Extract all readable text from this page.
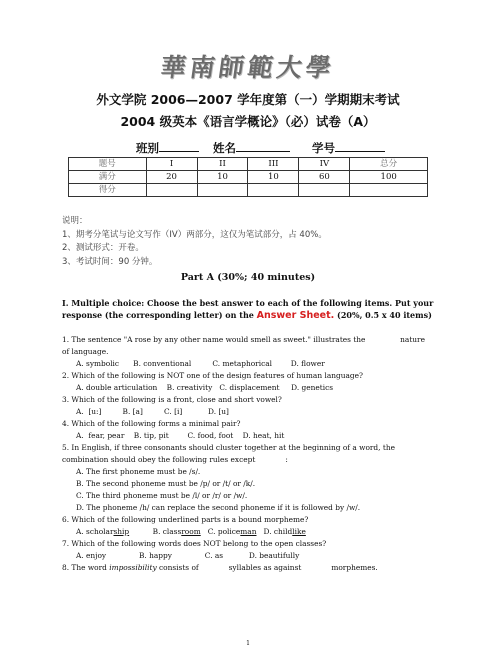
華南師範大學
外文学院 2006—2007 学年度第（一）学期期末考试
2004 级英本《语言学概论》（必）试卷（A）
班别	姓名	学号
题号	I	II	III	IV	总分
满分	20	10	10	60	100
得分					
说明：
1、期考分笔试与论文写作（IV）两部分，这仅为笔试部分，占 40%。
2、测试形式：开卷。
3、考试时间：90 分钟。
Part A (30%; 40 minutes)
I. Multiple choice: Choose the best answer to each of the following items. Put your response (the corresponding letter) on the Answer Sheet. (20%, 0.5 x 40 items)
1. The sentence "A rose by any other name would smell as sweet." illustrates the	nature of language.
A. symbolic      B. conventional         C. metaphorical        D. flower
2. Which of the following is NOT one of the design features of human language?
A. double articulation    B. creativity   C. displacement     D. genetics
3. Which of the following is a front, close and short vowel?
A.  [u:]         B. [a]         C. [i]           D. [u]
4. Which of the following forms a minimal pair?
A.  fear, pear    B. tip, pit        C. food, foot    D. heat, hit
5. In English, if three consonants should cluster together at the beginning of a word, the combination should obey the following rules except	:
A. The first phoneme must be /s/.
B. The second phoneme must be /p/ or /t/ or /k/.
C. The third phoneme must be /l/ or /r/ or /w/.
D. The phoneme /h/ can replace the second phoneme if it is followed by /w/.
6. Which of the following underlined parts is a bound morpheme?
A. scholarship	B. classroom C. policeman D. childlike
7. Which of the following words does NOT belong to the open classes?
A. enjoy              B. happy              C. as           D. beautifully
8. The word impossibility consists of	syllables as against	morphemes.
1
